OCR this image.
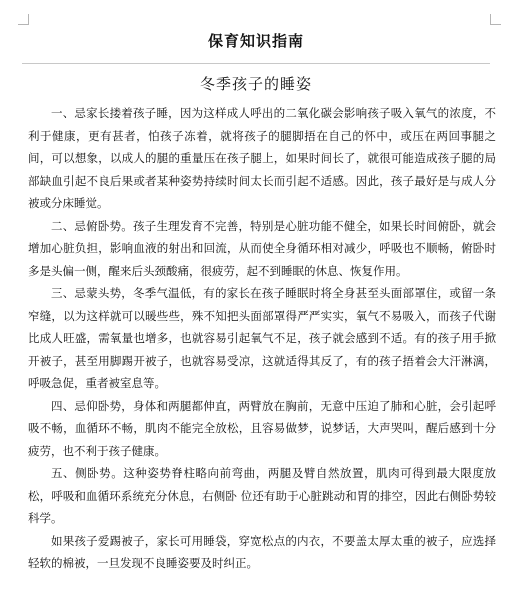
保育知识指南
冬季孩子的睡姿

一、忌家长搂着孩子睡，因为这样成人呼出的二氧化碳会影响孩子吸入氧气的浓度，不利于健康，更有甚者，怕孩子冻着，就将孩子的腿脚捂在自己的怀中，或压在两回事腿之间，可以想象，以成人的腿的重量压在孩子腿上，如果时间长了，就很可能造成孩子腿的局部缺血引起不良后果或者某种姿势持续时间太长而引起不适感。因此，孩子最好是与成人分被或分床睡觉。

二、忌俯卧势。孩子生理发育不完善，特别是心脏功能不健全，如果长时间俯卧，就会增加心脏负担，影响血液的射出和回流，从而使全身循环相对减少，呼吸也不顺畅，俯卧时多是头偏一侧，醒来后头颈酸痛，很疲劳，起不到睡眠的休息、恢复作用。

三、忌蒙头势，冬季气温低，有的家长在孩子睡眠时将全身甚至头面部罩住，或留一条窄缝，以为这样就可以暖些些，殊不知把头面部罩得严严实实，氧气不易吸入，而孩子代谢比成人旺盛，需氧量也增多，也就容易引起氧气不足，孩子就会感到不适。有的孩子用手掀开被子，甚至用脚踢开被子，也就容易受凉，这就适得其反了，有的孩子捂着会大汗淋漓，呼吸急促，重者被室息等。

四、忌仰卧势，身体和两腿都伸直，两臂放在胸前，无意中压迫了肺和心脏，会引起呼吸不畅，血循环不畅，肌肉不能完全放松，且容易做梦，说梦话，大声哭叫，醒后感到十分疲劳，也不利于孩子健康。

五、侧卧势。这种姿势脊柱略向前弯曲，两腿及臂自然放置，肌肉可得到最大限度放松，呼吸和血循环系统充分休息，右侧卧 位还有助于心脏跳动和胃的排空，因此右侧卧势较科学。

如果孩子爱踢被子，家长可用睡袋，穿宽松点的内衣，不要盖太厚太重的被子，应选择轻软的棉被，一旦发现不良睡姿要及时纠正。
